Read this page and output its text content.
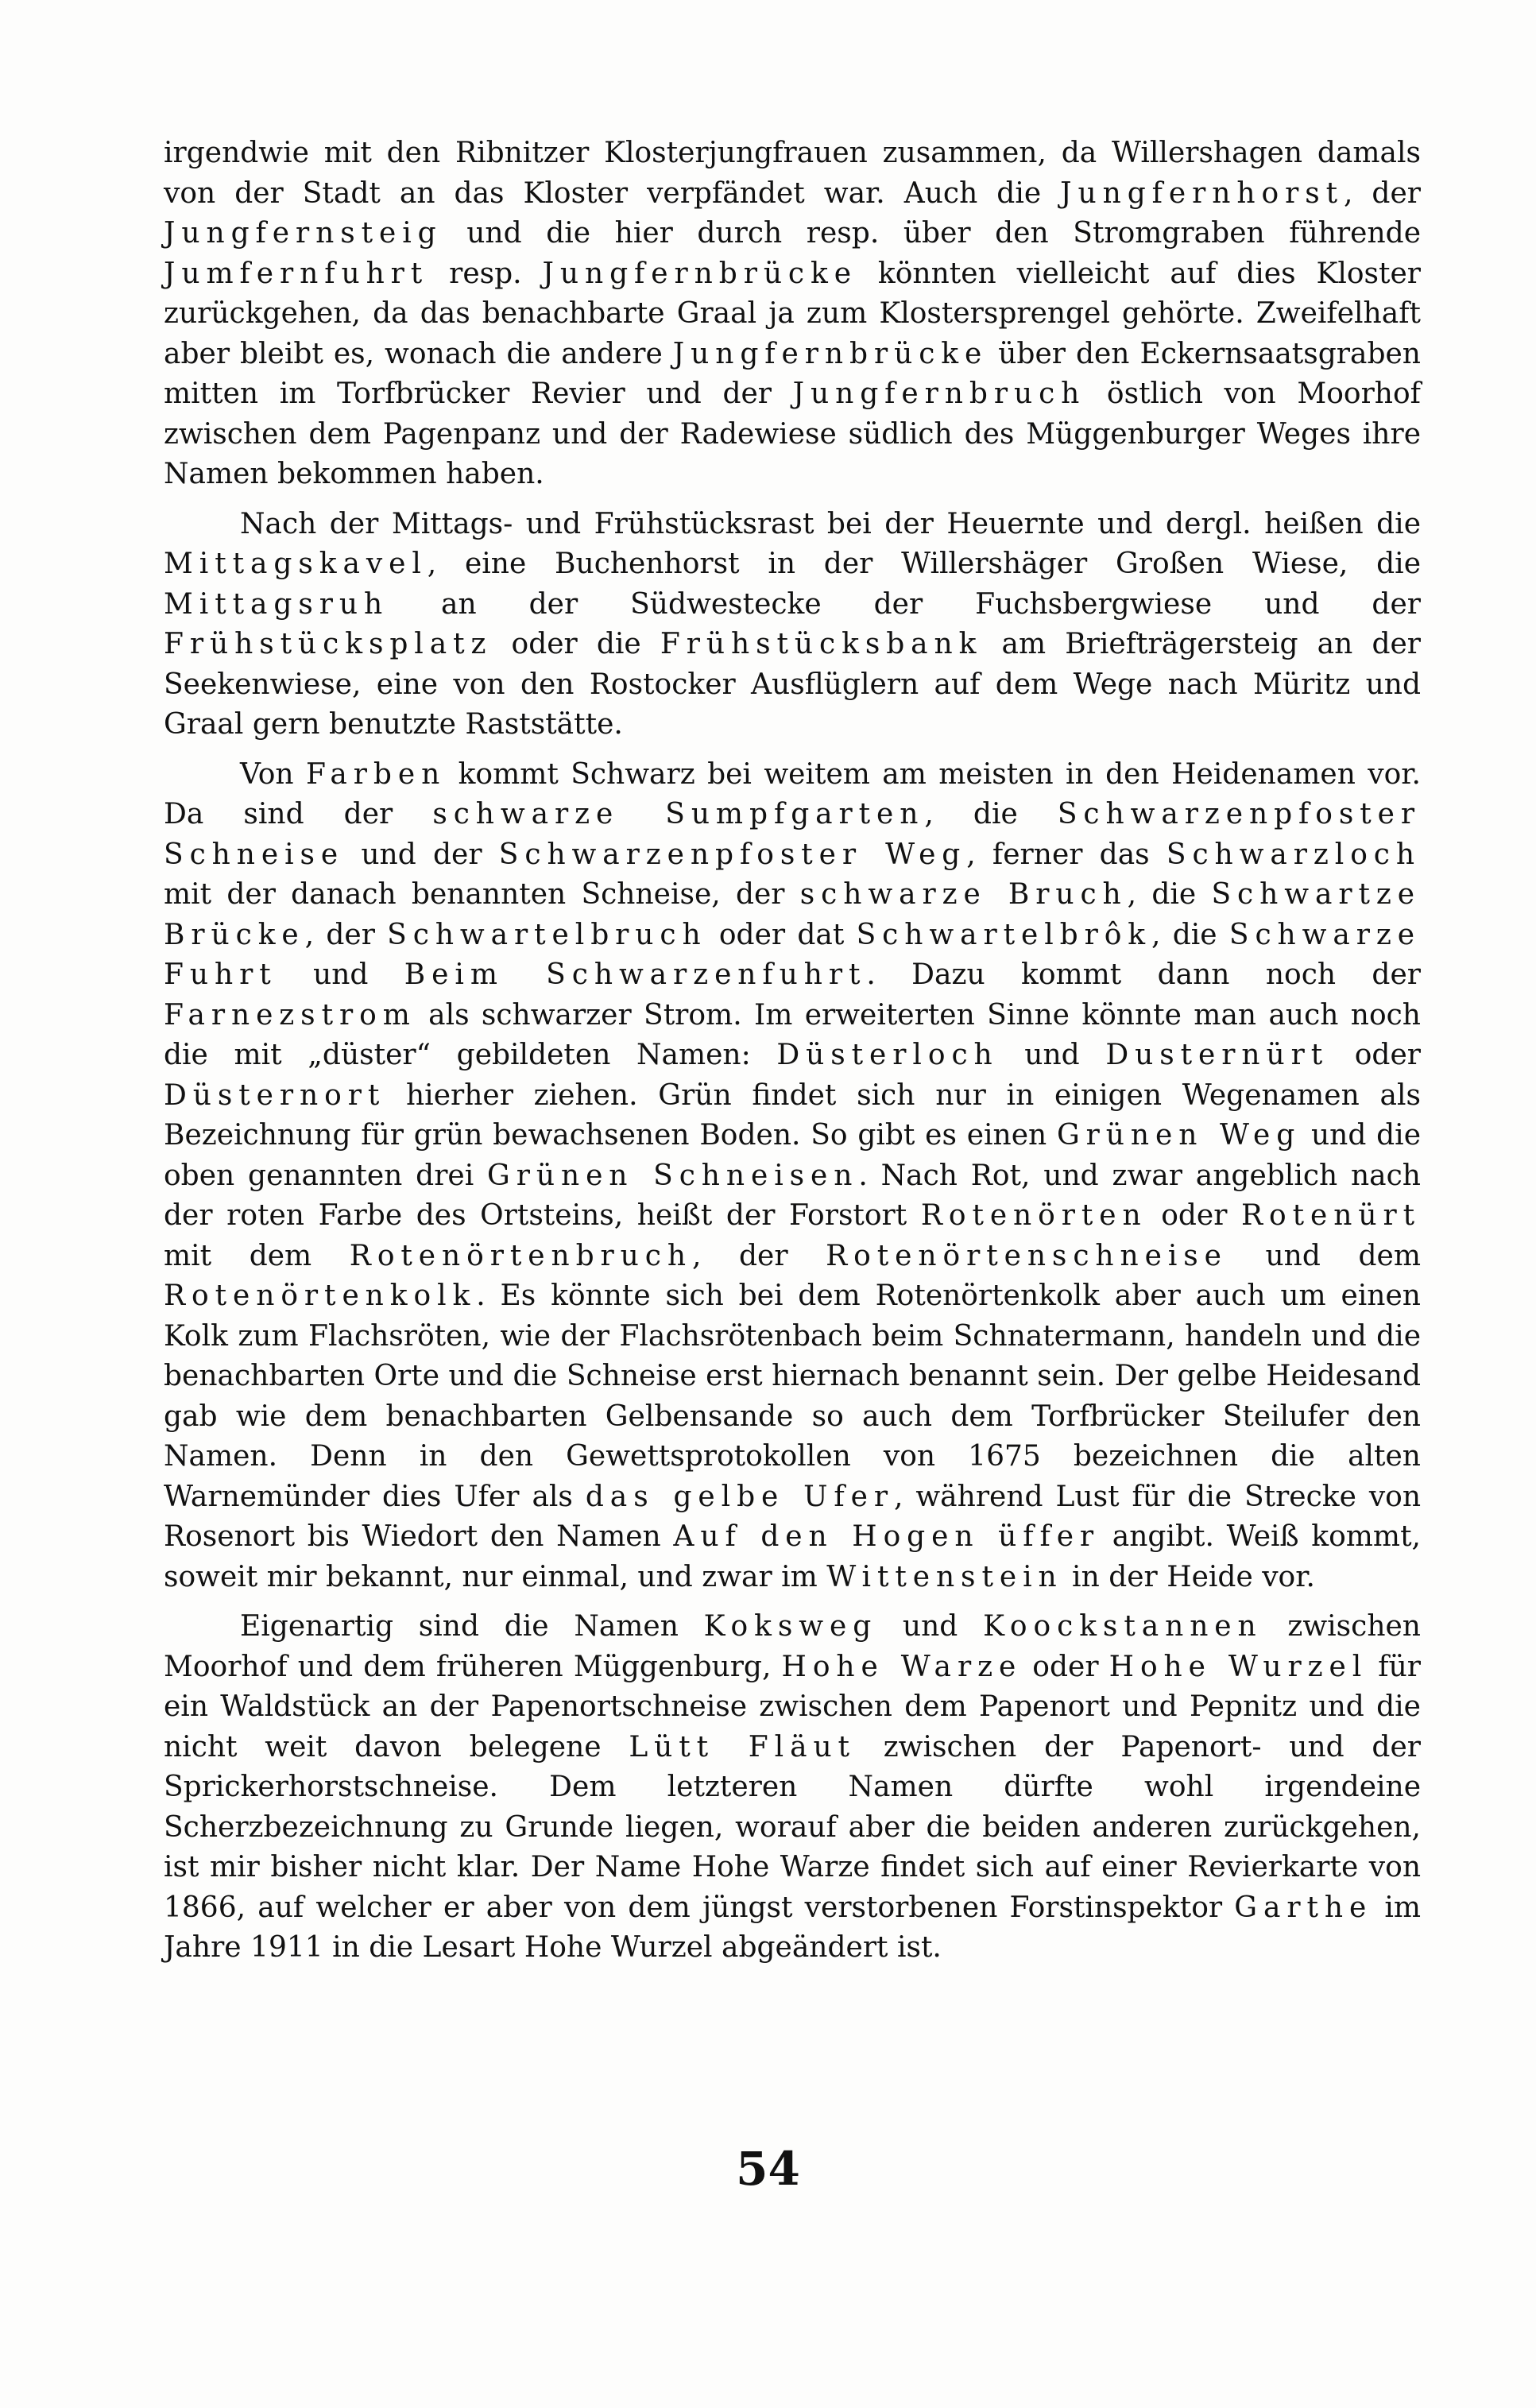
irgendwie mit den Ribnitzer Klosterjungfrauen zusammen, da Willershagen damals von der Stadt an das Kloster verpfändet war. Auch die Jungfernhorst, der Jungfernsteig und die hier durch resp. über den Stromgraben führende Jumfernfuhrt resp. Jungfernbrücke könnten vielleicht auf dies Kloster zurückgehen, da das benachbarte Graal ja zum Klostersprengel gehörte. Zweifelhaft aber bleibt es, wonach die andere Jungfernbrücke über den Eckernsaatsgraben mitten im Torfbrücker Revier und der Jungfernbruch östlich von Moorhof zwischen dem Pagenpanz und der Radewiese südlich des Müggenburger Weges ihre Namen bekommen haben.

Nach der Mittags- und Frühstücksrast bei der Heuernte und dergl. heißen die Mittagskavel, eine Buchenhorst in der Willershäger Großen Wiese, die Mittagsruh an der Südwestecke der Fuchsbergwiese und der Frühstücksplatz oder die Frühstücksbank am Briefträgersteig an der Seekenwiese, eine von den Rostocker Ausflüglern auf dem Wege nach Müritz und Graal gern benutzte Raststätte.

Von Farben kommt Schwarz bei weitem am meisten in den Heidenamen vor. Da sind der schwarze Sumpfgarten, die Schwarzenpfoster Schneise und der Schwarzenpfoster Weg, ferner das Schwarzloch mit der danach benannten Schneise, der schwarze Bruch, die Schwartze Brücke, der Schwartelbruch oder dat Schwartelbrôk, die Schwarze Fuhrt und Beim Schwarzenfuhrt. Dazu kommt dann noch der Farnezstrom als schwarzer Strom. Im erweiterten Sinne könnte man auch noch die mit „düster“ gebildeten Namen: Düsterloch und Dusternürt oder Düsternort hierher ziehen. Grün findet sich nur in einigen Wegenamen als Bezeichnung für grün bewachsenen Boden. So gibt es einen Grünen Weg und die oben genannten drei Grünen Schneisen. Nach Rot, und zwar angeblich nach der roten Farbe des Ortsteins, heißt der Forstort Rotenörten oder Rotenürt mit dem Rotenörtenbruch, der Rotenörtenschneise und dem Rotenörtenkolk. Es könnte sich bei dem Rotenörtenkolk aber auch um einen Kolk zum Flachsröten, wie der Flachsrötenbach beim Schnatermann, handeln und die benachbarten Orte und die Schneise erst hiernach benannt sein. Der gelbe Heidesand gab wie dem benachbarten Gelbensande so auch dem Torfbrücker Steilufer den Namen. Denn in den Gewettsprotokollen von 1675 bezeichnen die alten Warnemünder dies Ufer als das gelbe Ufer, während Lust für die Strecke von Rosenort bis Wiedort den Namen Auf den Hogen üffer angibt. Weiß kommt, soweit mir bekannt, nur einmal, und zwar im Wittenstein in der Heide vor.

Eigenartig sind die Namen Koksweg und Koockstannen zwischen Moorhof und dem früheren Müggenburg, Hohe Warze oder Hohe Wurzel für ein Waldstück an der Papenortschneise zwischen dem Papenort und Pepnitz und die nicht weit davon belegene Lütt Fläut zwischen der Papenort- und der Sprickerhorstschneise. Dem letzteren Namen dürfte wohl irgendeine Scherzbezeichnung zu Grunde liegen, worauf aber die beiden anderen zurückgehen, ist mir bisher nicht klar. Der Name Hohe Warze findet sich auf einer Revierkarte von 1866, auf welcher er aber von dem jüngst verstorbenen Forstinspektor Garthe im Jahre 1911 in die Lesart Hohe Wurzel abgeändert ist.

54
